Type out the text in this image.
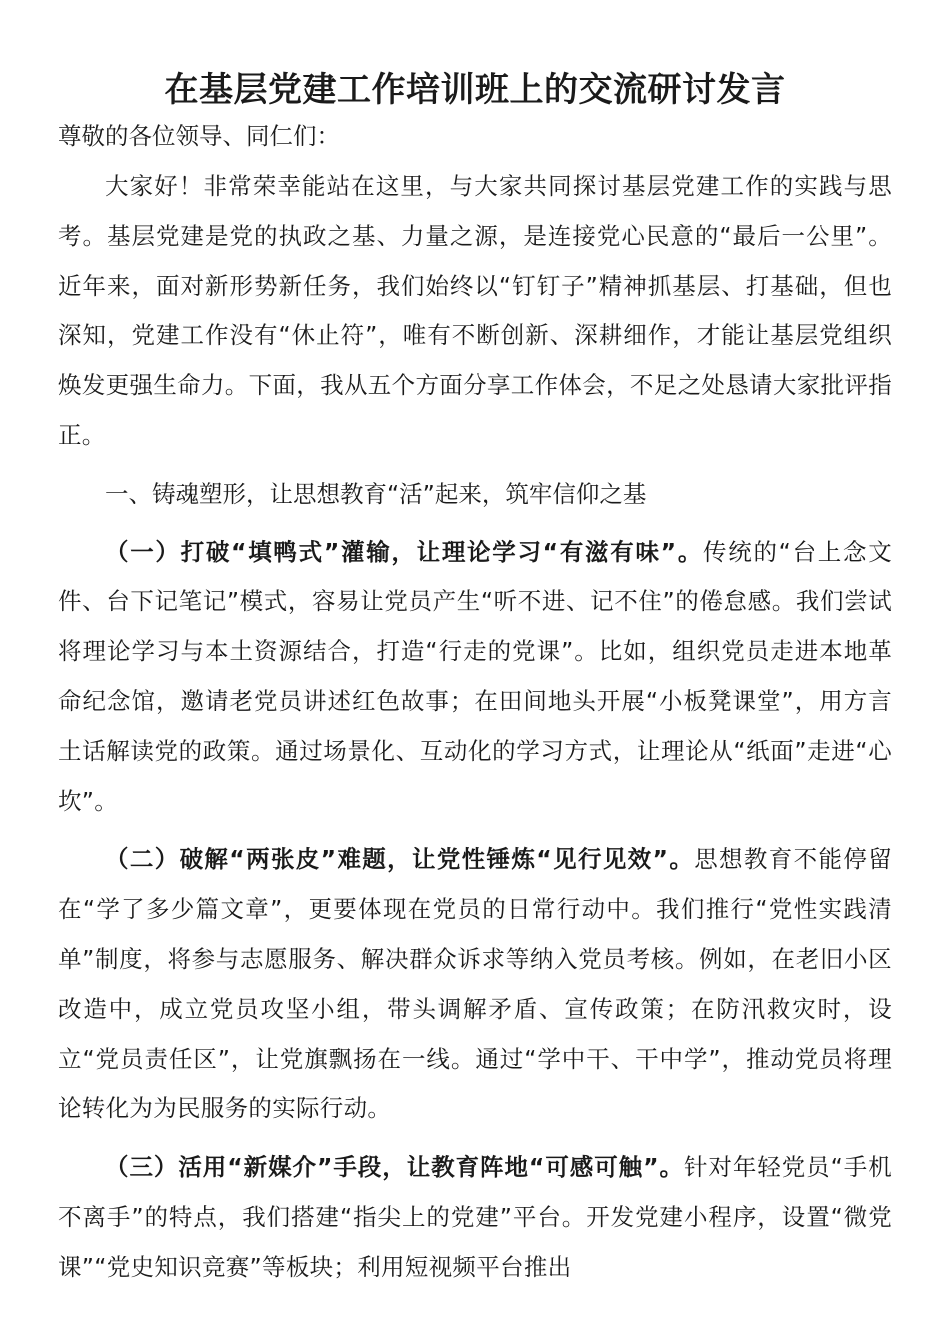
在基层党建工作培训班上的交流研讨发言

尊敬的各位领导、同仁们：

大家好！非常荣幸能站在这里，与大家共同探讨基层党建工作的实践与思考。基层党建是党的执政之基、力量之源，是连接党心民意的“最后一公里”。近年来，面对新形势新任务，我们始终以“钉钉子”精神抓基层、打基础，但也深知，党建工作没有“休止符”，唯有不断创新、深耕细作，才能让基层党组织焕发更强生命力。下面，我从五个方面分享工作体会，不足之处恳请大家批评指正。

一、铸魂塑形，让思想教育“活”起来，筑牢信仰之基

（一）打破“填鸭式”灌输，让理论学习“有滋有味”。传统的“台上念文件、台下记笔记”模式，容易让党员产生“听不进、记不住”的倦怠感。我们尝试将理论学习与本土资源结合，打造“行走的党课”。比如，组织党员走进本地革命纪念馆，邀请老党员讲述红色故事；在田间地头开展“小板凳课堂”，用方言土话解读党的政策。通过场景化、互动化的学习方式，让理论从“纸面”走进“心坎”。

（二）破解“两张皮”难题，让党性锤炼“见行见效”。思想教育不能停留在“学了多少篇文章”，更要体现在党员的日常行动中。我们推行“党性实践清单”制度，将参与志愿服务、解决群众诉求等纳入党员考核。例如，在老旧小区改造中，成立党员攻坚小组，带头调解矛盾、宣传政策；在防汛救灾时，设立“党员责任区”，让党旗飘扬在一线。通过“学中干、干中学”，推动党员将理论转化为为民服务的实际行动。

（三）活用“新媒介”手段，让教育阵地“可感可触”。针对年轻党员“手机不离手”的特点，我们搭建“指尖上的党建”平台。开发党建小程序，设置“微党课”“党史知识竞赛”等板块；利用短视频平台推出
